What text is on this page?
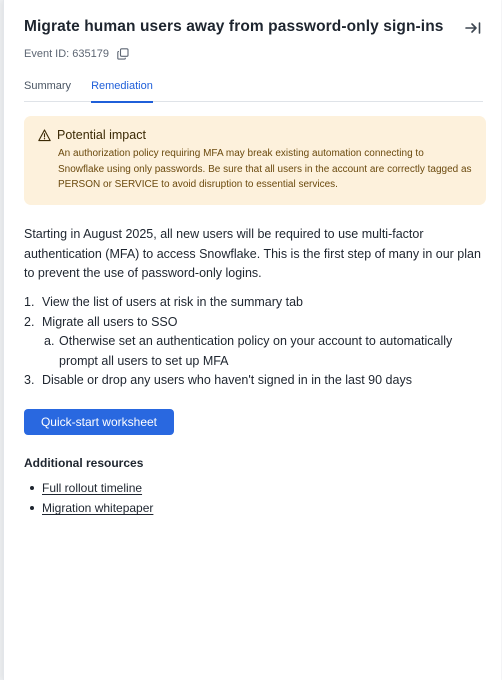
Migrate human users away from password-only sign-ins
Event ID: 635179
Summary Remediation
Potential impact
An authorization policy requiring MFA may break existing automation connecting to Snowflake using only passwords. Be sure that all users in the account are correctly tagged as PERSON or SERVICE to avoid disruption to essential services.
Starting in August 2025, all new users will be required to use multi-factor authentication (MFA) to access Snowflake. This is the first step of many in our plan to prevent the use of password-only logins.
1. View the list of users at risk in the summary tab
2. Migrate all users to SSO
a. Otherwise set an authentication policy on your account to automatically prompt all users to set up MFA
3. Disable or drop any users who haven't signed in in the last 90 days
Quick-start worksheet
Additional resources
Full rollout timeline
Migration whitepaper
